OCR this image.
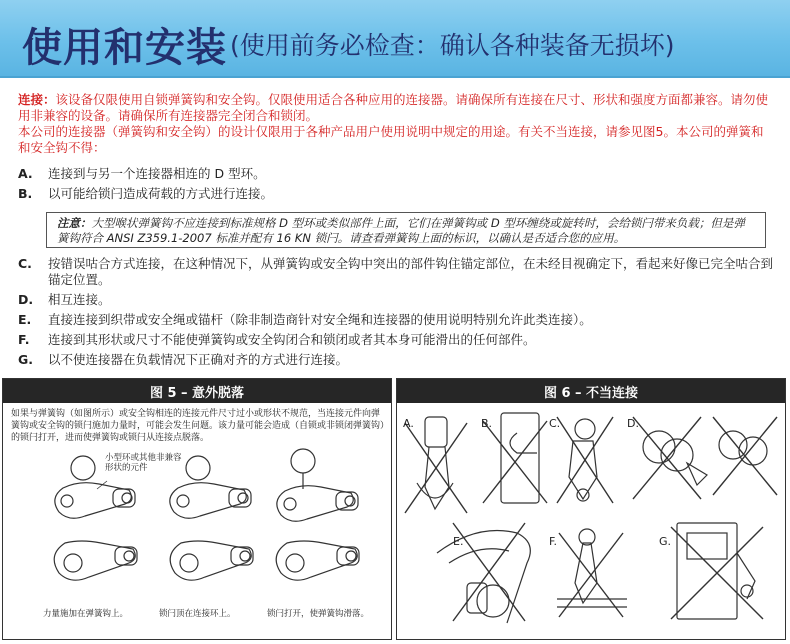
使用和安装 (使用前务必检查：确认各种装备无损坏)
连接：该设备仅限使用自锁弹簧钩和安全钩。仅限使用适合各种应用的连接器。请确保所有连接在尺寸、形状和强度方面都兼容。请勿使用非兼容的设备。请确保所有连接器完全闭合和锁闭。
本公司的连接器（弹簧钩和安全钩）的设计仅限用于各种产品用户使用说明中规定的用途。有关不当连接，请参见图5。本公司的弹簧和和安全钩不得：
A.	连接到与另一个连接器相连的 D 型环。
B.	以可能给锁闩造成荷载的方式进行连接。
注意：大型喉状弹簧钩不应连接到标准规格 D 型环或类似部件上面，它们在弹簧钩或 D 型环缠绕或旋转时，会给锁闩带来负载；但是弹簧钩符合 ANSI Z359.1-2007 标准并配有 16 KN 锁闩。请查看弹簧钩上面的标识，以确认是否适合您的应用。
C.	按错误咕合方式连接，在这种情况下，从弹簧钩或安全钩中突出的部件钩住锚定部位，在未经目视确定下，看起来好像已完全咕合到锚定位置。
D.	相互连接。
E.	直接连接到织带或安全绳或锚杆（除非制造商针对安全绳和连接器的使用说明特别允许此类连接）。
F.	连接到其形状或尺寸不能使弹簧钩或安全钩闭合和锁闭或者其本身可能滑出的任何部件。
G.	以不使连接器在负载情况下正确对齐的方式进行连接。
图 5 – 意外脱落
如果与弹簧钩（如图所示）或安全钩相连的连接元件尺寸过小或形状不规范，当连接元件向弹簧钩或安全钩的锁闩施加力量时，可能会发生问题。该力量可能会造成（自锁或非锁闭弹簧钩）的锁闩打开，进而使弹簧钩或锁闩从连接点脱落。
小型环或其他非兼容形状的元件
力量施加在弹簧钩上。	锁闩顶在连接环上。	锁闩打开，使弹簧钩滑落。
图 6 – 不当连接
A.	B.	C.	D.
E.	F.	G.
